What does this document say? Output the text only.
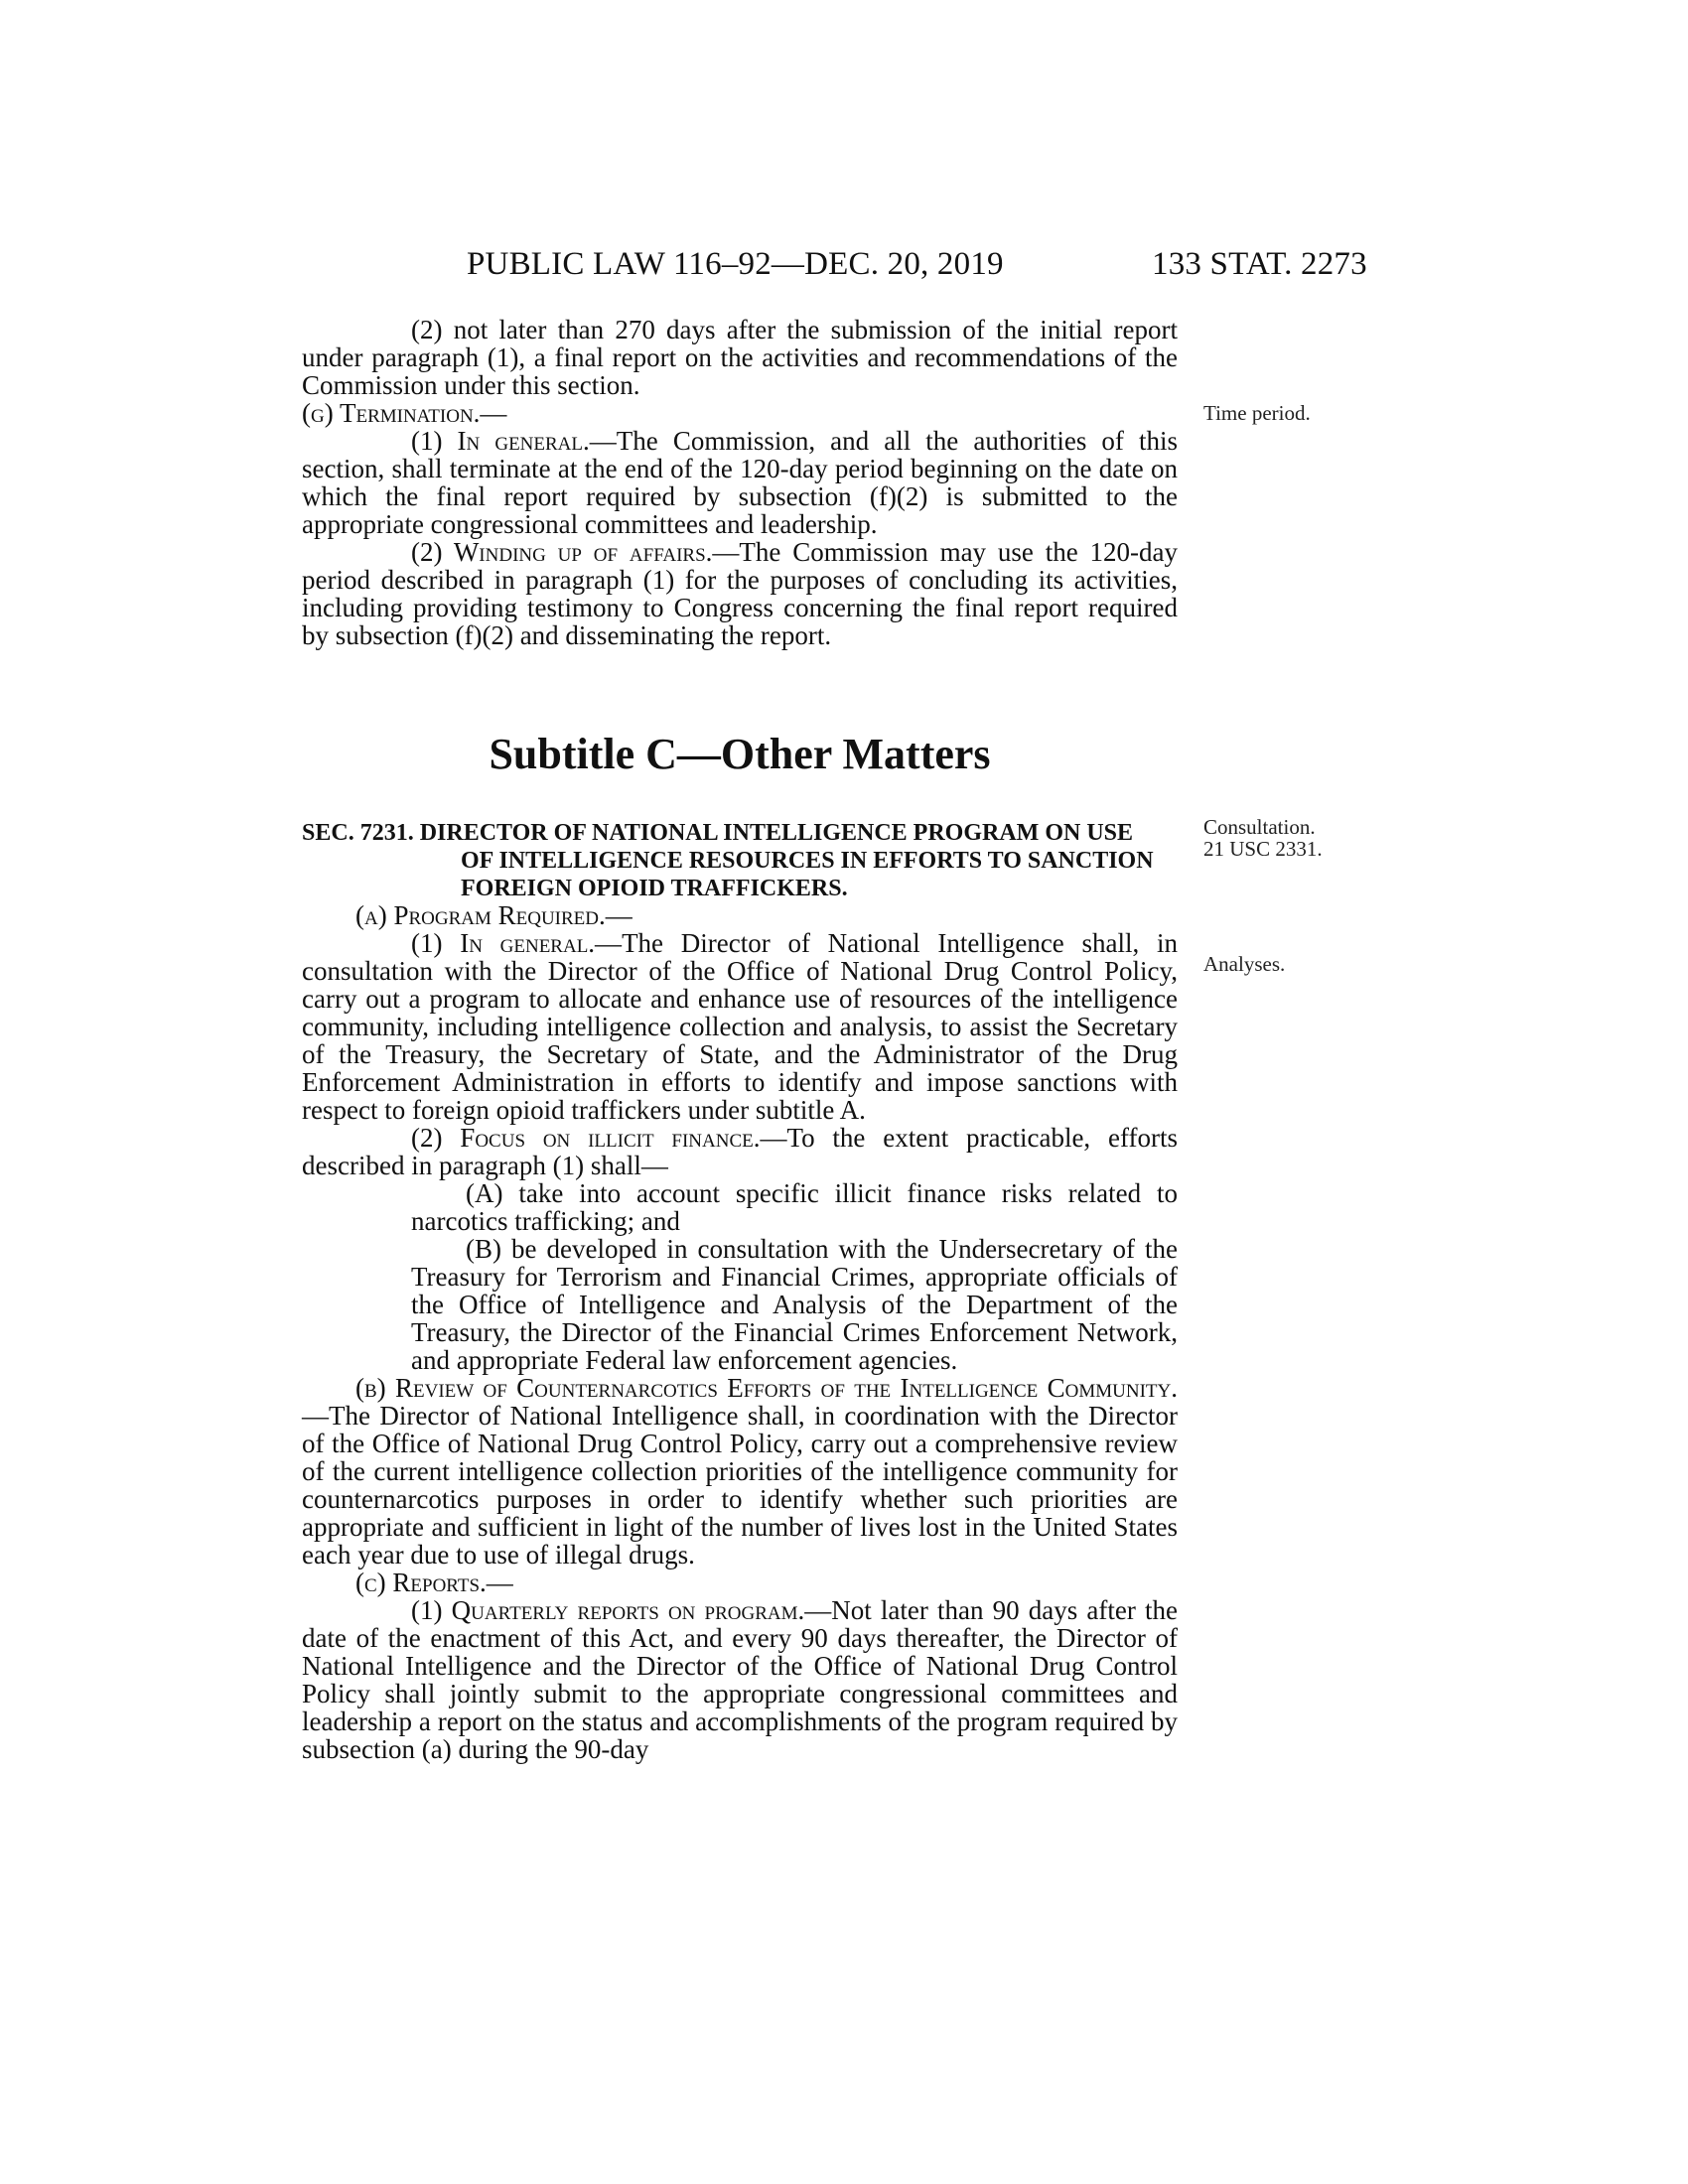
PUBLIC LAW 116–92—DEC. 20, 2019	133 STAT. 2273

(2) not later than 270 days after the submission of the initial report under paragraph (1), a final report on the activities and recommendations of the Commission under this section.

(g) Termination.—

(1) In general.—The Commission, and all the authorities of this section, shall terminate at the end of the 120-day period beginning on the date on which the final report required by subsection (f)(2) is submitted to the appropriate congressional committees and leadership.

(2) Winding up of affairs.—The Commission may use the 120-day period described in paragraph (1) for the purposes of concluding its activities, including providing testimony to Congress concerning the final report required by subsection (f)(2) and disseminating the report.

Time period.
Subtitle C—Other Matters
SEC. 7231. DIRECTOR OF NATIONAL INTELLIGENCE PROGRAM ON USE
OF INTELLIGENCE RESOURCES IN EFFORTS TO SANCTION
FOREIGN OPIOID TRAFFICKERS.
Consultation.
21 USC 2331.
Analyses.

(a) Program Required.—

(1) In general.—The Director of National Intelligence shall, in consultation with the Director of the Office of National Drug Control Policy, carry out a program to allocate and enhance use of resources of the intelligence community, including intelligence collection and analysis, to assist the Secretary of the Treasury, the Secretary of State, and the Administrator of the Drug Enforcement Administration in efforts to identify and impose sanctions with respect to foreign opioid traffickers under subtitle A.

(2) Focus on illicit finance.—To the extent practicable, efforts described in paragraph (1) shall—

(A) take into account specific illicit finance risks related to narcotics trafficking; and

(B) be developed in consultation with the Undersecretary of the Treasury for Terrorism and Financial Crimes, appropriate officials of the Office of Intelligence and Analysis of the Department of the Treasury, the Director of the Financial Crimes Enforcement Network, and appropriate Federal law enforcement agencies.

(b) Review of Counternarcotics Efforts of the Intelligence Community.—The Director of National Intelligence shall, in coordination with the Director of the Office of National Drug Control Policy, carry out a comprehensive review of the current intelligence collection priorities of the intelligence community for counternarcotics purposes in order to identify whether such priorities are appropriate and sufficient in light of the number of lives lost in the United States each year due to use of illegal drugs.

(c) Reports.—

(1) Quarterly reports on program.—Not later than 90 days after the date of the enactment of this Act, and every 90 days thereafter, the Director of National Intelligence and the Director of the Office of National Drug Control Policy shall jointly submit to the appropriate congressional committees and leadership a report on the status and accomplishments of the program required by subsection (a) during the 90-day
